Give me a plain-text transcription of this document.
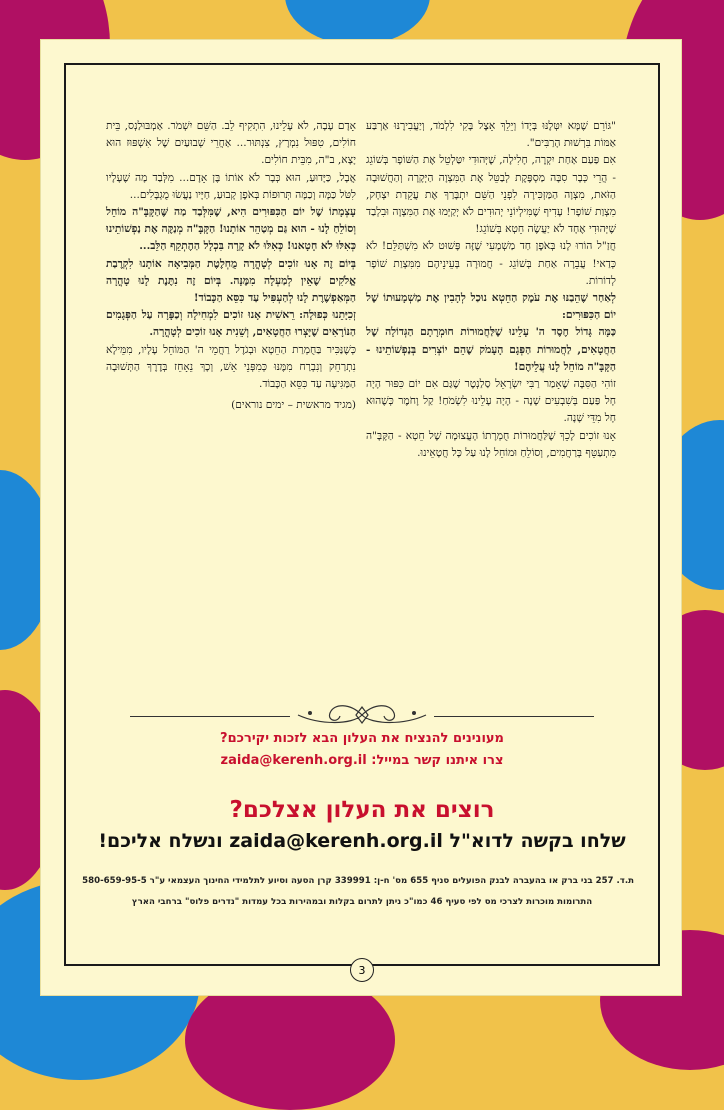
"גּוֹרֵם שֶׁמָּא יִטְּלֶנּוּ בְּיָדוֹ וְיֵלֵךְ אֵצֶל בָּקִי לִלְמֹד, וְיַעֲבִירֶנּוּ אַרְבַּע אַמּוֹת בִּרְשׁוּת הָרַבִּים".

אִם פַּעַם אַחַת יִקְרֶה, חָלִילָה, שֶׁיְּהוּדִי יִטַּלְטֵל אֶת הַשּׁוֹפָר בְּשׁוֹגֵג - הֲרֵי כְּבָר סִבָּה מַסְפֶּקֶת לְבַטֵּל אֶת הַמִּצְוָה הַיְּקָרָה וְהַחֲשׁוּבָה הַזֹּאת, מִצְוָה הַמַּזְכִּירָה לִפְנֵי הַשֵּׁם יִתְבָּרַךְ אֶת עֲקֵדַת יִצְחָק, מִצְוַת שׁוֹפָר! עָדִיף שֶׁמִּילְיוֹנֵי יְהוּדִים לֹא יְקַיְּמוּ אֶת הַמִּצְוָה וּבִלְבַד שֶׁיְּהוּדִי אֶחָד לֹא יַעֲשֶׂה חֵטְא בְּשׁוֹגֵג!

חֲזַ"ל הוֹרוּ לָנוּ בְּאֹפֶן חַד מַשְׁמָעִי שֶׁזֶּה פָּשׁוּט לֹא מִשְׁתַּלֵּם! לֹא כְּדַאי! עֲבֵרָה אַחַת בְּשׁוֹגֵג - חֲמוּרָה בְּעֵינֵיהֶם מִמִּצְוַת שׁוֹפָר לְדוֹרוֹת.

לְאַחַר שֶׁהֵבַנּוּ אֶת עֹמֶק הַחֵטְא נוּכַל לְהָבִין אֶת מַשְׁמָעוּתוֹ שֶׁל יוֹם הַכִּפּוּרִים:

כַּמָּה גָּדוֹל חֶסֶד ה' עָלֵינוּ שֶׁלַּחֲמוּרוֹת חוּמְרָתָם הַגְּדוֹלָה שֶׁל הַחֲטָאִים, לַחֲמוּרוֹת הַפְּגָם הָעָמֹק שֶׁהֵם יוֹצְרִים בְּנַפְשׁוֹתֵינוּ - הַקָּבָּ"ה מוֹחֵל לָנוּ עֲלֵיהֶם!

זוֹהִי הַסִּבָּה שֶׁאָמַר רַבִּי יִשְׂרָאֵל סַלַנְטֶר שֶׁגַּם אִם יוֹם כִּפּוּר הָיָה חָל פַּעַם בְּשִׁבְעִים שָׁנָה - הָיָה עָלֵינוּ לִשְׂמֹחַ! קַל וָחֹמֶר כְּשֶׁהוּא חָל מִדֵּי שָׁנָה.

אָנוּ זוֹכִים לָכֵךְ שֶׁלַּחֲמוּרוֹת חֻמְרָתוֹ הָעֲצוּמָה שֶׁל חֵטְא - הַקָּבָּ"ה מִתְעַטֵּף בְּרַחֲמִים, וְסוֹלֵחַ וּמוֹחֵל לָנוּ עַל כָּל חֲטָאֵינוּ.

אָדָם עָבָה, לֹא עָלֵינוּ, הִתְקִיף לֵב. הַשֵּׁם יִשְׁמֹר. אַמְבּוּלַנְס, בֵּית חוֹלִים, טִפּוּל נִמְרָץ, צִנְתּוּר... אַחֲרֵי שְׁבוּעַיִם שֶׁל אִשְׁפּוּז הוּא יָצָא, ב"ה, מִבֵּית חוֹלִים.

אֲבָל, כַּיָּדוּעַ, הוּא כְּבָר לֹא אוֹתוֹ בֶּן אָדָם... מִלְּבַד מָה שֶׁעָלָיו לִטֹּל כַּמָּה וְכַמָּה תְּרוּפוֹת בְּאֹפֶן קָבוּעַ, חַיָּיו נַעֲשׂוּ מֻגְבָּלִים...

עָצְמָתוֹ שֶׁל יוֹם הַכִּפּוּרִים הִיא, שֶׁמִּלְּבַד מַה שֶּׁהַקָּבָּ"ה מוֹחֵל וְסוֹלֵחַ לָנוּ - הוּא גַּם מְטַהֵר אוֹתָנוּ! הַקָּבָּ"ה מְנַקֶּה אֶת נַפְשׁוֹתֵינוּ כְּאִלּוּ לֹא חָטָאנוּ! כְּאִלּוּ לֹא קָרָה בִּכְלָל הַהֶתְקֵף הַלֵּב...

בְּיוֹם זֶה אָנוּ זוֹכִים לְטָהֳרָה מֻחְלֶטֶת הַמְּבִיאָה אוֹתָנוּ לִקְרֶבַת אֱלֹקִים שֶׁאֵין לְמַעְלָה מִמֶּנָּה. בְּיוֹם זֶה נִתֶּנֶת לָנוּ טָהֳרָה הַמְּאַפְשֶׁרֶת לָנוּ לְהַעְפִּיל עַד כִּסֵּא הַכָּבוֹד!

זְכִיָּתֵנוּ כְּפוּלָה: רֵאשִׁית אָנוּ זוֹכִים לִמְחִילָה וְכַפָּרָה עַל הַפְּגָמִים הַנּוֹרָאִים שֶׁיָּצְרוּ הַחֲטָאִים, וְשֵׁנִית אָנוּ זוֹכִים לְטָהֳרָה.

כְּשֶׁנַּכִּיר בַּחֻמְרַת הַחֵטְא וּבְגֹדֶל רַחֲמֵי ה' הַמּוֹחֵל עָלָיו, מִמֵּילָא נִתְרַחֵק וְנִבְרַח מִמֶּנּוּ כְּמִפְּנֵי אֵשׁ, וְכָךְ נֵאָחֵז בְּדֶרֶךְ הַתְּשׁוּבָה הַמַּגִּיעָה עַד כִּסֵּא הַכָּבוֹד.

(מגיד מראשית – ימים נוראים)

מעונינים להנציח את העלון הבא לזכות יקירכם?
צרו איתנו קשר במייל: zaida@kerenh.org.il
רוצים את העלון אצלכם?
שלחו בקשה לדוא"ל zaida@kerenh.org.il ונשלח אליכם!
ת.ד. 257 בני ברק או בהעברה לבנק הפועלים סניף 655 מס' ח-ן: 339991 קרן הסעה וסיוע לתלמידי החינוך העצמאי ע"ר 580-659-95-5
התרומות מוכרות לצרכי מס לפי סעיף 46 כמו"כ ניתן לתרום בקלות ובמהירות בכל עמדות "נדרים פלוס" ברחבי הארץ
3
